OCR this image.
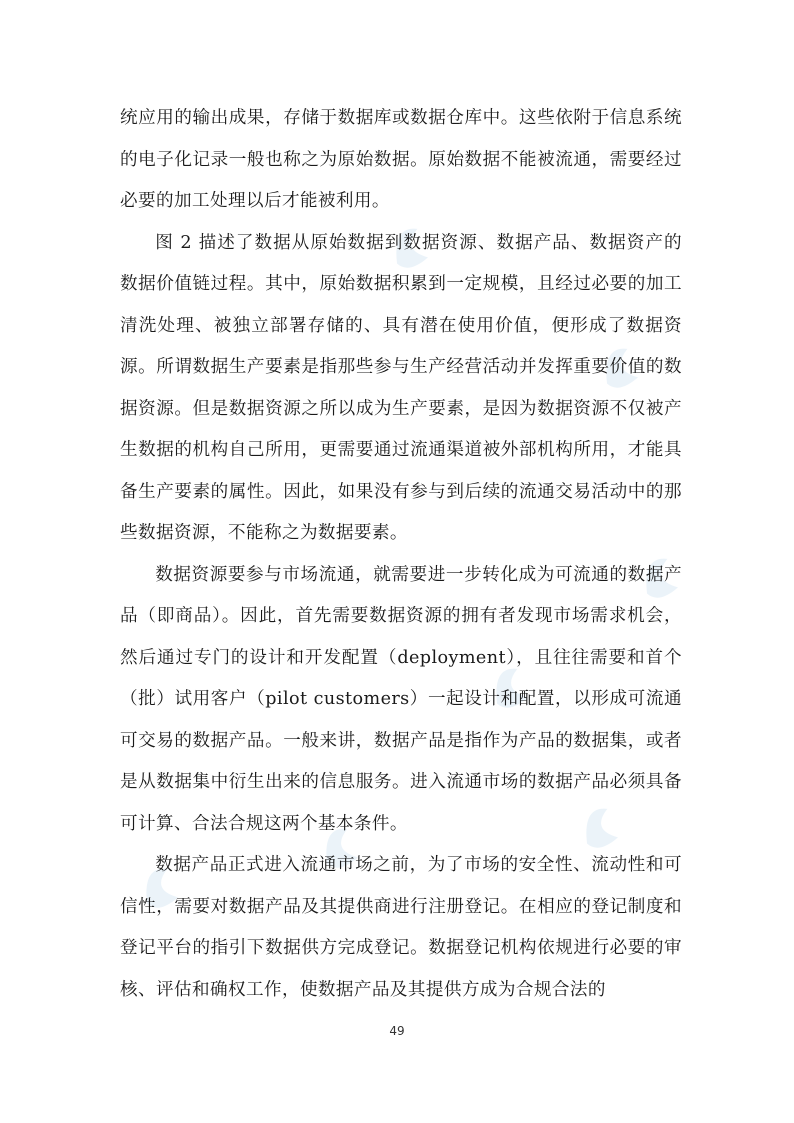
统应用的输出成果，存储于数据库或数据仓库中。这些依附于信息系统的电子化记录一般也称之为原始数据。原始数据不能被流通，需要经过必要的加工处理以后才能被利用。

图 2 描述了数据从原始数据到数据资源、数据产品、数据资产的数据价值链过程。其中，原始数据积累到一定规模，且经过必要的加工清洗处理、被独立部署存储的、具有潜在使用价值，便形成了数据资源。所谓数据生产要素是指那些参与生产经营活动并发挥重要价值的数据资源。但是数据资源之所以成为生产要素，是因为数据资源不仅被产生数据的机构自己所用，更需要通过流通渠道被外部机构所用，才能具备生产要素的属性。因此，如果没有参与到后续的流通交易活动中的那些数据资源，不能称之为数据要素。

数据资源要参与市场流通，就需要进一步转化成为可流通的数据产品（即商品）。因此，首先需要数据资源的拥有者发现市场需求机会，然后通过专门的设计和开发配置（deployment），且往往需要和首个（批）试用客户（pilot customers）一起设计和配置，以形成可流通可交易的数据产品。一般来讲，数据产品是指作为产品的数据集，或者是从数据集中衍生出来的信息服务。进入流通市场的数据产品必须具备可计算、合法合规这两个基本条件。

数据产品正式进入流通市场之前，为了市场的安全性、流动性和可信性，需要对数据产品及其提供商进行注册登记。在相应的登记制度和登记平台的指引下数据供方完成登记。数据登记机构依规进行必要的审核、评估和确权工作，使数据产品及其提供方成为合规合法的

49
